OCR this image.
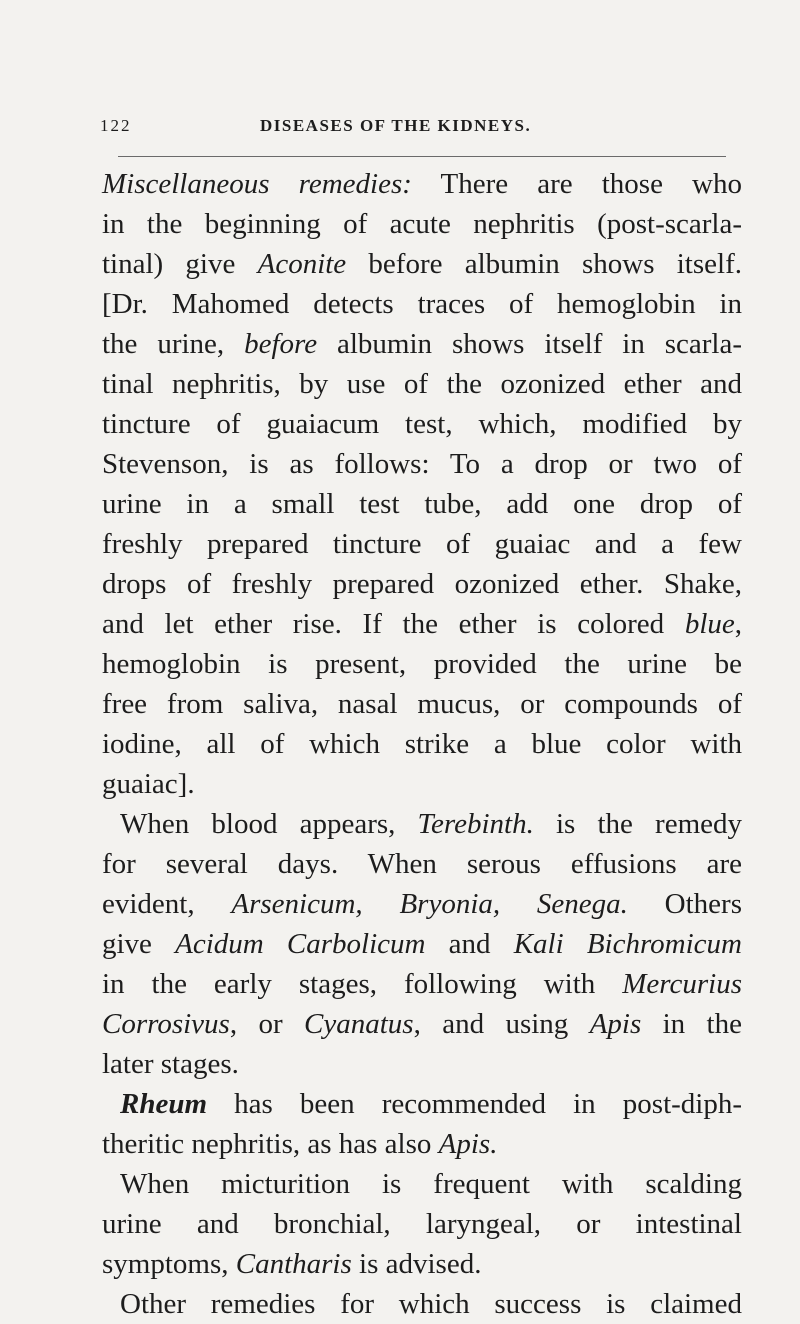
122	DISEASES OF THE KIDNEYS.
Miscellaneous remedies: There are those who
in the beginning of acute nephritis (post-scarla-
tinal) give Aconite before albumin shows itself.
[Dr. Mahomed detects traces of hemoglobin in
the urine, before albumin shows itself in scarla-
tinal nephritis, by use of the ozonized ether and
tincture of guaiacum test, which, modified by
Stevenson, is as follows: To a drop or two of
urine in a small test tube, add one drop of
freshly prepared tincture of guaiac and a few
drops of freshly prepared ozonized ether. Shake,
and let ether rise. If the ether is colored blue,
hemoglobin is present, provided the urine be
free from saliva, nasal mucus, or compounds of
iodine, all of which strike a blue color with
guaiac].
When blood appears, Terebinth. is the remedy
for several days. When serous effusions are
evident, Arsenicum, Bryonia, Senega. Others
give Acidum Carbolicum and Kali Bichromicum
in the early stages, following with Mercurius
Corrosivus, or Cyanatus, and using Apis in the
later stages.
Rheum has been recommended in post-diph-
theritic nephritis, as has also Apis.
When micturition is frequent with scalding
urine and bronchial, laryngeal, or intestinal
symptoms, Cantharis is advised.
Other remedies for which success is claimed
